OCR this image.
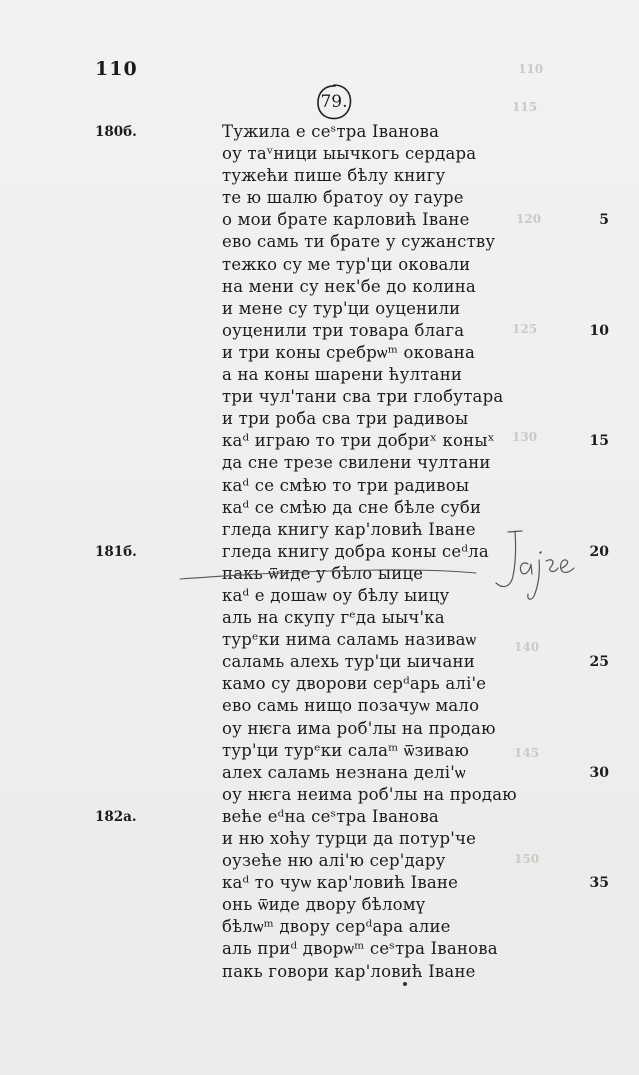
110
115
120
125
130
140
145
150
110
79.
180б.	Тужила е сеˢтра Іванова
оу таᵛници ыычкогь сердара
тужећи пише бѣлу книгу
те ю шалю братоу оу гауре
о мои брате карловић Іване	5
ево самь ти брате у сужанству
тежко су ме тур'ци оковали
на мени су нек'бе до колина
и мене су тур'ци оуценили
оуценили три товара блага	10
и три коны сребрѡᵐ окована
а на коны шарени ћултани
три чул'тани сва три глобутара
и три роба сва три радивоы
каᵈ играю то три добриˣ коныˣ	15
да сне трезе свилени чултани
каᵈ се смѣю то три радивоы
каᵈ се смѣю да сне бѣле суби
гледа книгу кар'ловић Іване
181б.	гледа книгу добра коны сеᵈла	20
пакь ѿиде у бѣло ыице
каᵈ е дошаѡ оу бѣлу ыицу
аль на скупу гᵉда ыыч'ка
турᵉки нима саламь називаѡ
саламь алехь тур'ци ыичани	25
камо су дворови серᵈарь алі'е
ево самь нищо позачуѡ мало
оу нѥга има роб'лы на продаю
тур'ци турᵉки салаᵐ ѿзиваю
алех саламь незнана делі'ѡ	30
оу нѥга неима роб'лы на продаю
182а.	веће еᵈна сеˢтра Іванова
и ню хоћу турци да потур'че
оузеће ню алі'ю сер'дару
каᵈ то чуѡ кар'ловић Іване	35
онь ѿиде двору бѣломү
бѣлѡᵐ двору серᵈара алие
аль приᵈ дворѡᵐ сеˢтра Іванова
пакь говори кар'ловић Іване
Jajce
